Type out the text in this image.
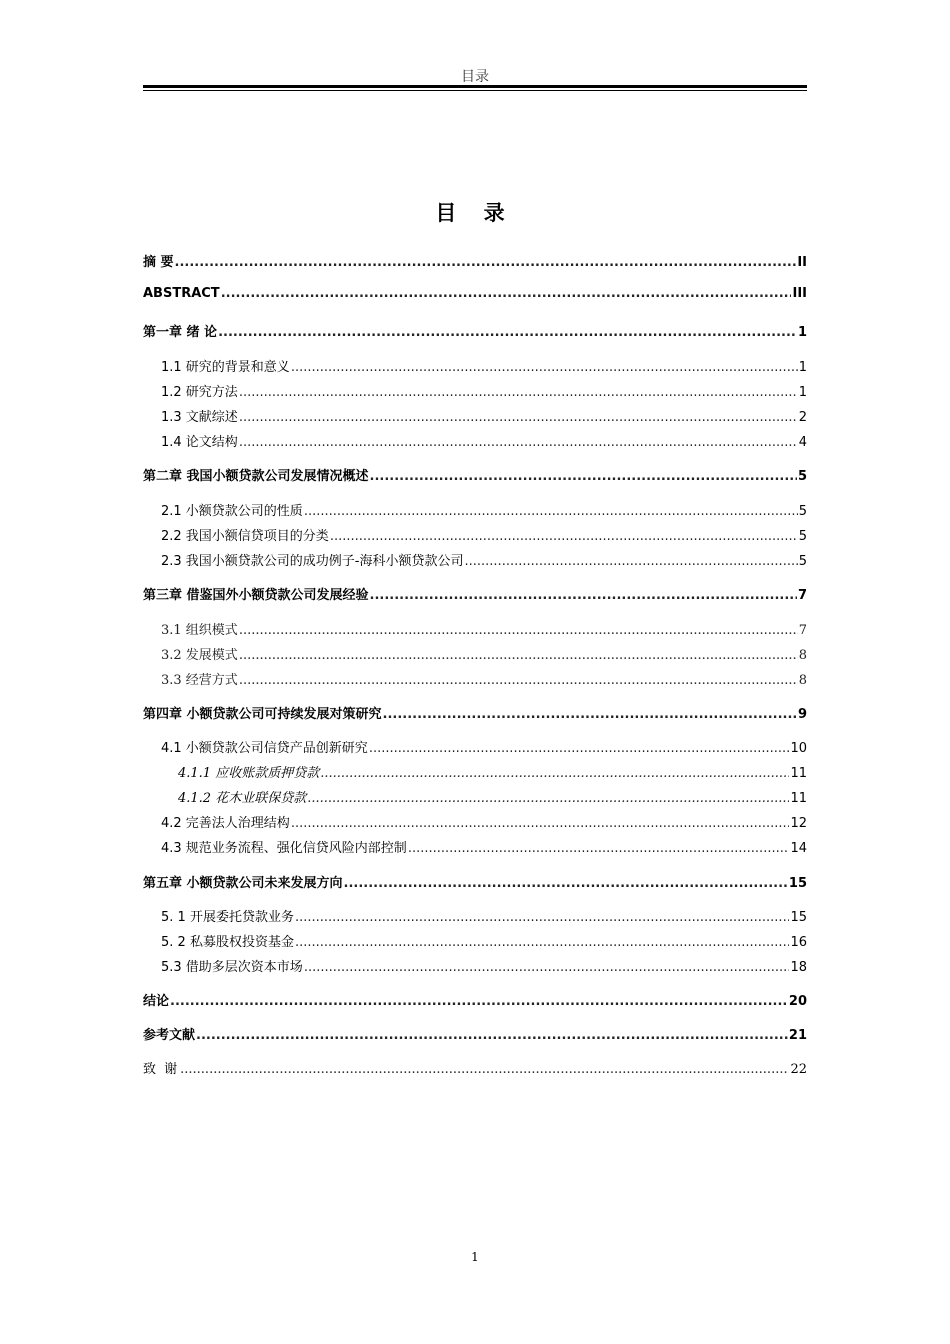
目录
目 录
摘 要 .....	II
ABSTRACT .....	III
第一章 绪 论 .....	1
1.1 研究的背景和意义 .....	1
1.2 研究方法 .....	1
1.3 文献综述 .....	2
1.4 论文结构 .....	4
第二章 我国小额贷款公司发展情况概述 .....	5
2.1 小额贷款公司的性质 .....	5
2.2 我国小额信贷项目的分类 .....	5
2.3 我国小额贷款公司的成功例子-海科小额贷款公司 .....	5
第三章 借鉴国外小额贷款公司发展经验 .....	7
3.1 组织模式 .....	7
3.2 发展模式 .....	8
3.3 经营方式 .....	8
第四章 小额贷款公司可持续发展对策研究 .....	9
4.1 小额贷款公司信贷产品创新研究 .....	10
4.1.1 应收账款质押贷款 .....	11
4.1.2 花木业联保贷款 .....	11
4.2 完善法人治理结构 .....	12
4.3 规范业务流程、强化信贷风险内部控制 .....	14
第五章 小额贷款公司未来发展方向 .....	15
5. 1 开展委托贷款业务 .....	15
5. 2 私募股权投资基金 .....	16
5.3 借助多层次资本市场 .....	18
结论 .....	20
参考文献 .....	21
致 谢 .....	22
1
